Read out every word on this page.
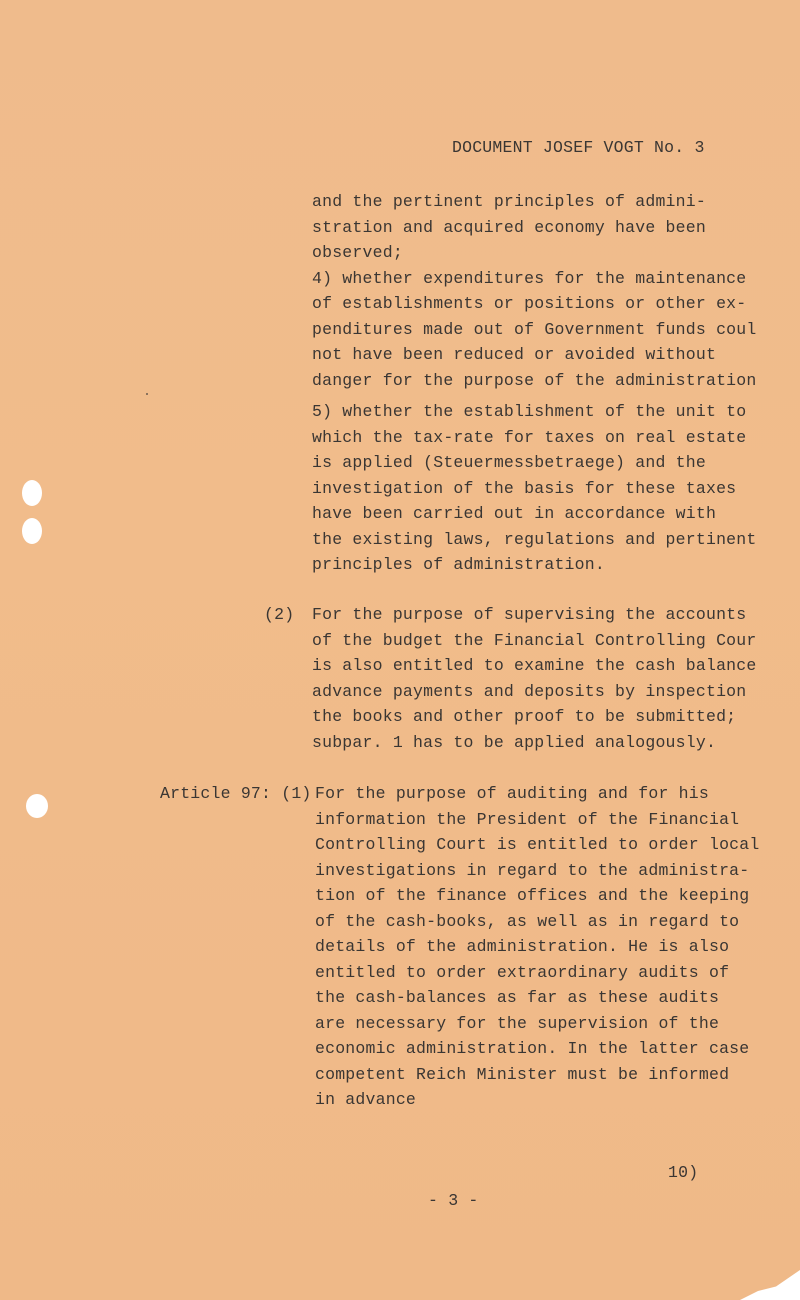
DOCUMENT JOSEF VOGT No. 3
and the pertinent principles of admini-
stration and acquired economy have been
observed;
4) whether expenditures for the maintenance
of establishments or positions or other ex-
penditures made out of Government funds coul
not have been reduced or avoided without
danger for the purpose of the administration
5) whether the establishment of the unit to
which the tax-rate for taxes on real estate
is applied (Steuermessbetraege) and the
investigation of the basis for these taxes
have been carried out in accordance with
the existing laws, regulations and pertinent
principles of administration.
(2) For the purpose of supervising the accounts
of the budget the Financial Controlling Cour
is also entitled to examine the cash balance
advance payments and deposits by inspection
the books and other proof to be submitted;
subpar. 1 has to be applied analogously.
Article 97: (1) For the purpose of auditing and for his
information the President of the Financial
Controlling Court is entitled to order local
investigations in regard to the administra-
tion of the finance offices and the keeping
of the cash-books, as well as in regard to
details of the administration. He is also
entitled to order extraordinary audits of
the cash-balances as far as these audits
are necessary for the supervision of the
economic administration. In the latter case
competent Reich Minister must be informed
in advance
10)
- 3 -
